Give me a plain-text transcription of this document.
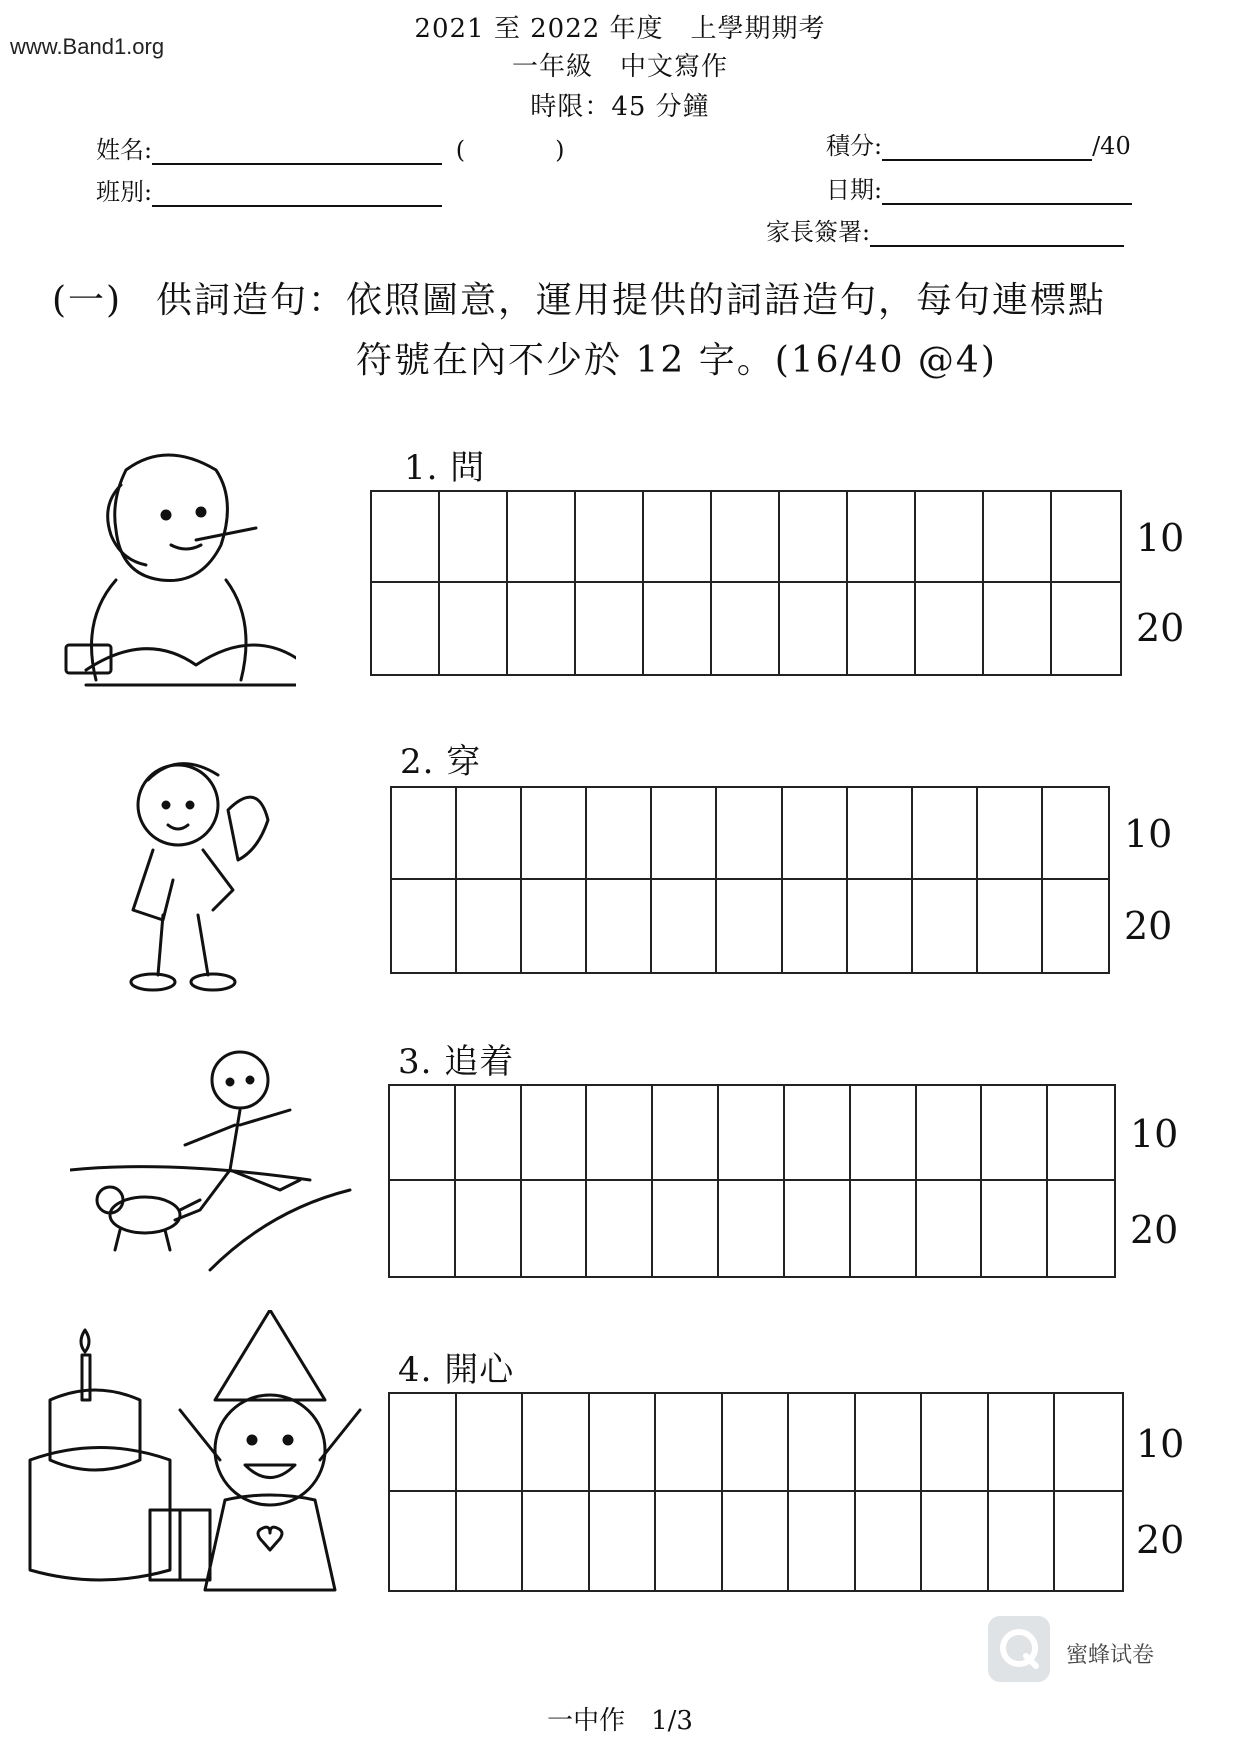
www.Band1.org
2021 至 2022 年度　上學期期考
一年級　中文寫作
時限：45 分鐘
姓名:	(	)
班別:
積分:	/40
日期:
家長簽署:
(一) 供詞造句：依照圖意，運用提供的詞語造句，每句連標點
符號在內不少於 12 字。(16/40 @4)
1. 問
10
20
2. 穿
10
20
3. 追着
10
20
4. 開心
10
20
蜜蜂试卷
一中作　1/3
